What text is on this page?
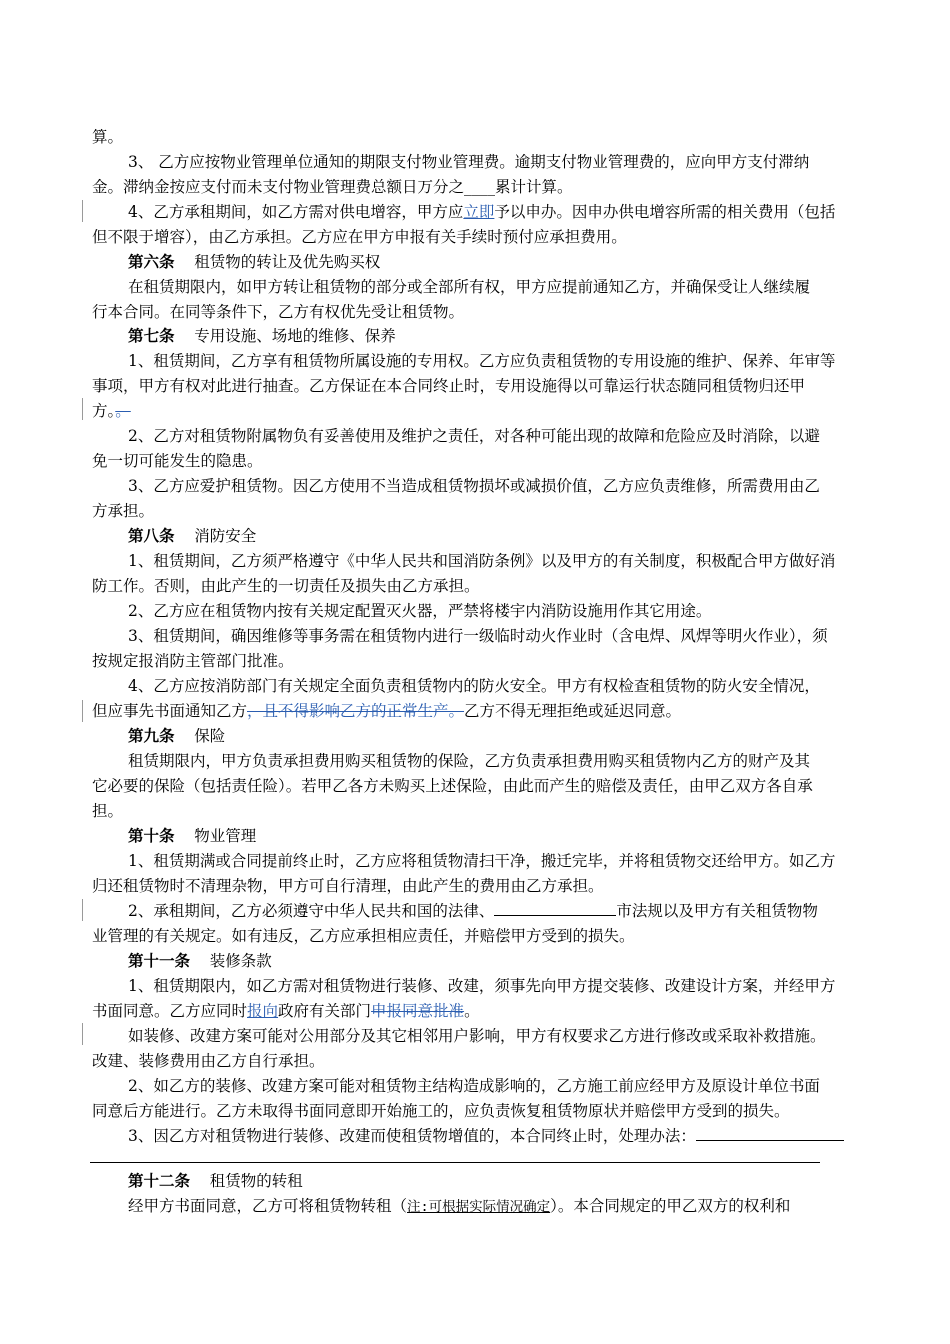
算。
3、 乙方应按物业管理单位通知的期限支付物业管理费。逾期支付物业管理费的，应向甲方支付滞纳
金。滞纳金按应支付而未支付物业管理费总额日万分之____累计计算。
4、乙方承租期间，如乙方需对供电增容，甲方应立即予以申办。因申办供电增容所需的相关费用（包括
但不限于增容），由乙方承担。乙方应在甲方申报有关手续时预付应承担费用。
第六条 租赁物的转让及优先购买权
在租赁期限内，如甲方转让租赁物的部分或全部所有权，甲方应提前通知乙方，并确保受让人继续履
行本合同。在同等条件下，乙方有权优先受让租赁物。
第七条 专用设施、场地的维修、保养
1、租赁期间，乙方享有租赁物所属设施的专用权。乙方应负责租赁物的专用设施的维护、保养、年审等
事项，甲方有权对此进行抽查。乙方保证在本合同终止时，专用设施得以可靠运行状态随同租赁物归还甲
方。。
2、乙方对租赁物附属物负有妥善使用及维护之责任，对各种可能出现的故障和危险应及时消除，以避
免一切可能发生的隐患。
3、乙方应爱护租赁物。因乙方使用不当造成租赁物损坏或减损价值，乙方应负责维修，所需费用由乙
方承担。
第八条 消防安全
1、租赁期间，乙方须严格遵守《中华人民共和国消防条例》以及甲方的有关制度，积极配合甲方做好消
防工作。否则，由此产生的一切责任及损失由乙方承担。
2、乙方应在租赁物内按有关规定配置灭火器，严禁将楼宇内消防设施用作其它用途。
3、租赁期间，确因维修等事务需在租赁物内进行一级临时动火作业时（含电焊、风焊等明火作业），须
按规定报消防主管部门批准。
4、乙方应按消防部门有关规定全面负责租赁物内的防火安全。甲方有权检查租赁物的防火安全情况，
但应事先书面通知乙方，且不得影响乙方的正常生产。乙方不得无理拒绝或延迟同意。
第九条 保险
租赁期限内，甲方负责承担费用购买租赁物的保险，乙方负责承担费用购买租赁物内乙方的财产及其
它必要的保险（包括责任险）。若甲乙各方未购买上述保险，由此而产生的赔偿及责任，由甲乙双方各自承
担。
第十条 物业管理
1、租赁期满或合同提前终止时，乙方应将租赁物清扫干净，搬迁完毕，并将租赁物交还给甲方。如乙方
归还租赁物时不清理杂物，甲方可自行清理，由此产生的费用由乙方承担。
2、承租期间，乙方必须遵守中华人民共和国的法律、	市法规以及甲方有关租赁物物
业管理的有关规定。如有违反，乙方应承担相应责任，并赔偿甲方受到的损失。
第十一条 装修条款
1、租赁期限内，如乙方需对租赁物进行装修、改建，须事先向甲方提交装修、改建设计方案，并经甲方
书面同意。乙方应同时报向政府有关部门申报同意批准。
如装修、改建方案可能对公用部分及其它相邻用户影响，甲方有权要求乙方进行修改或采取补救措施。
改建、装修费用由乙方自行承担。
2、如乙方的装修、改建方案可能对租赁物主结构造成影响的，乙方施工前应经甲方及原设计单位书面
同意后方能进行。乙方未取得书面同意即开始施工的，应负责恢复租赁物原状并赔偿甲方受到的损失。
3、因乙方对租赁物进行装修、改建而使租赁物增值的，本合同终止时，处理办法：
第十二条 租赁物的转租
经甲方书面同意，乙方可将租赁物转租（注:可根据实际情况确定）。本合同规定的甲乙双方的权利和
